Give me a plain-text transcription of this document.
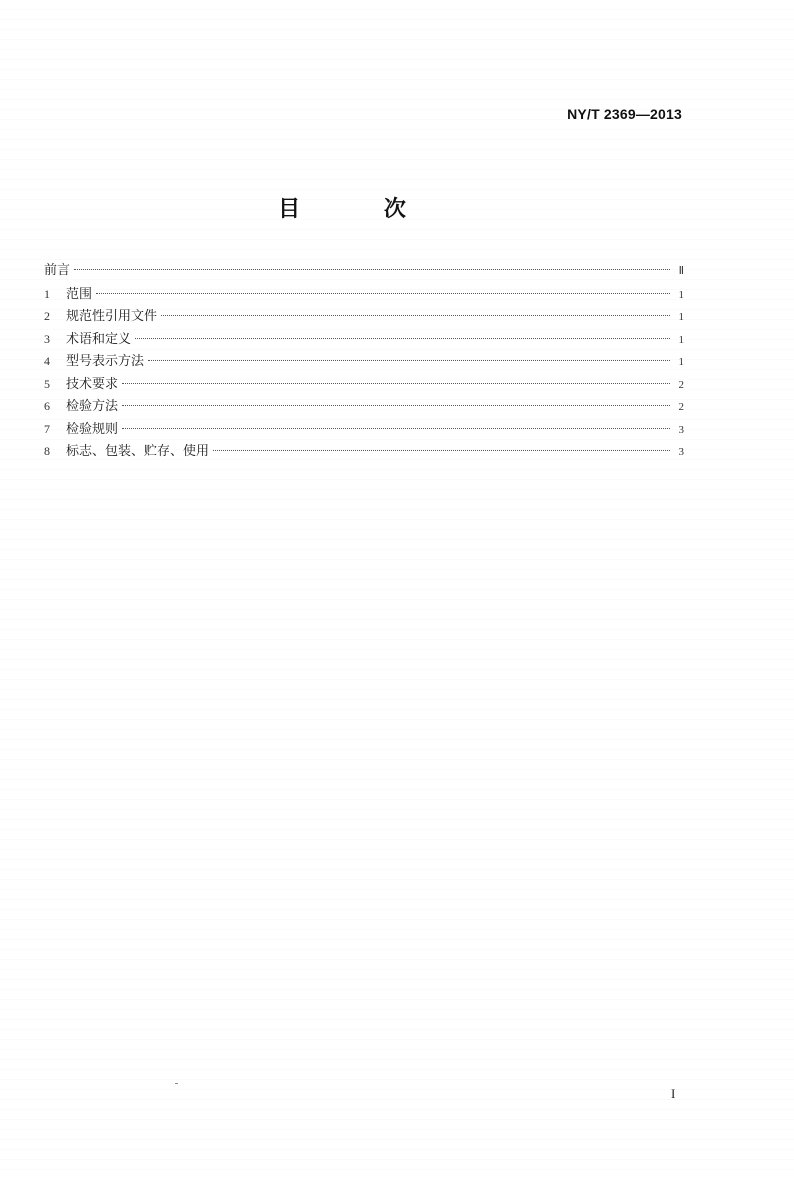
NY/T 2369—2013
目 次
前言	Ⅱ
1	范围	1
2	规范性引用文件	1
3	术语和定义	1
4	型号表示方法	1
5	技术要求	2
6	检验方法	2
7	检验规则	3
8	标志、包装、贮存、使用	3
I
